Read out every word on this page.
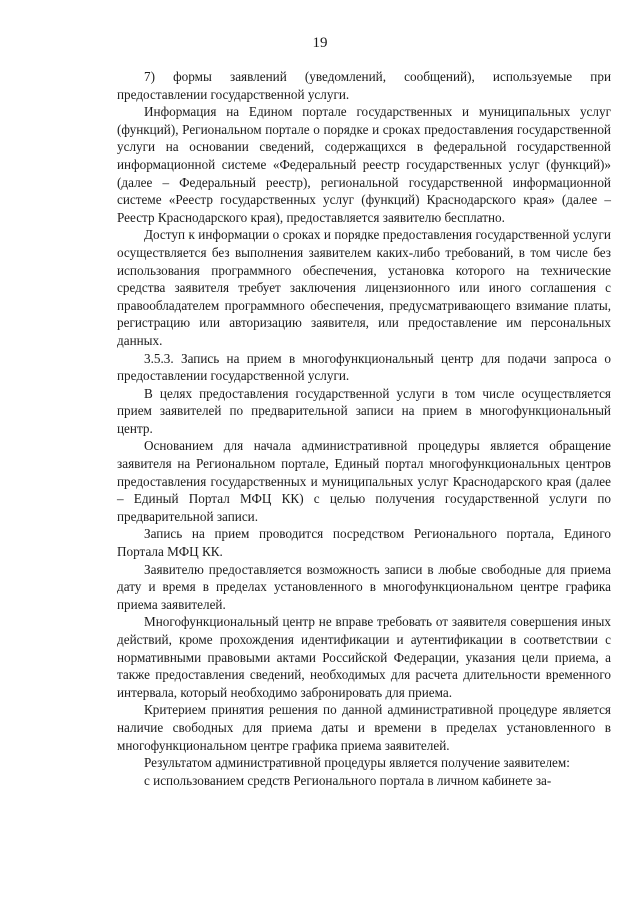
19

7) формы заявлений (уведомлений, сообщений), используемые при предоставлении государственной услуги.

Информация на Едином портале государственных и муниципальных услуг (функций), Региональном портале о порядке и сроках предоставления государственной услуги на основании сведений, содержащихся в федеральной государственной информационной системе «Федеральный реестр государственных услуг (функций)» (далее – Федеральный реестр), региональной государственной информационной системе «Реестр государственных услуг (функций) Краснодарского края» (далее – Реестр Краснодарского края), предоставляется заявителю бесплатно.

Доступ к информации о сроках и порядке предоставления государственной услуги осуществляется без выполнения заявителем каких-либо требований, в том числе без использования программного обеспечения, установка которого на технические средства заявителя требует заключения лицензионного или иного соглашения с правообладателем программного обеспечения, предусматривающего взимание платы, регистрацию или авторизацию заявителя, или предоставление им персональных данных.

3.5.3. Запись на прием в многофункциональный центр для подачи запроса о предоставлении государственной услуги.

В целях предоставления государственной услуги в том числе осуществляется прием заявителей по предварительной записи на прием в многофункциональный центр.

Основанием для начала административной процедуры является обращение заявителя на Региональном портале, Единый портал многофункциональных центров предоставления государственных и муниципальных услуг Краснодарского края (далее – Единый Портал МФЦ КК) с целью получения государственной услуги по предварительной записи.

Запись на прием проводится посредством Регионального портала, Единого Портала МФЦ КК.

Заявителю предоставляется возможность записи в любые свободные для приема дату и время в пределах установленного в многофункциональном центре графика приема заявителей.

Многофункциональный центр не вправе требовать от заявителя совершения иных действий, кроме прохождения идентификации и аутентификации в соответствии с нормативными правовыми актами Российской Федерации, указания цели приема, а также предоставления сведений, необходимых для расчета длительности временного интервала, который необходимо забронировать для приема.

Критерием принятия решения по данной административной процедуре является наличие свободных для приема даты и времени в пределах установленного в многофункциональном центре графика приема заявителей.

Результатом административной процедуры является получение заявителем:

с использованием средств Регионального портала в личном кабинете за-
